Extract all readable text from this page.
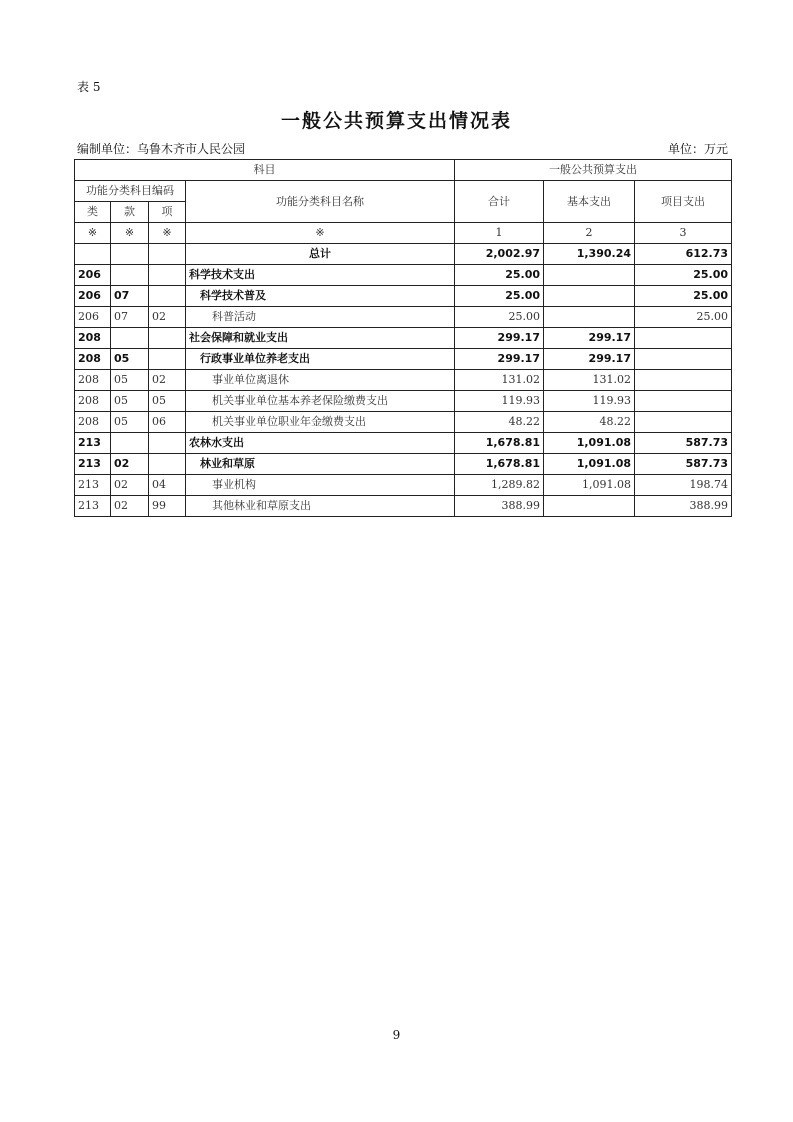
表 5
一般公共预算支出情况表
编制单位：乌鲁木齐市人民公园	单位：万元
科目				一般公共预算支出		
功能分类科目编码			功能分类科目名称	合计	基本支出	项目支出
类	款	项				
※	※	※	※	1	2	3
			总计	2,002.97	1,390.24	612.73
206			科学技术支出	25.00		25.00
206	07		科学技术普及	25.00		25.00
206	07	02	科普活动	25.00		25.00
208			社会保障和就业支出	299.17	299.17	
208	05		行政事业单位养老支出	299.17	299.17	
208	05	02	事业单位离退休	131.02	131.02	
208	05	05	机关事业单位基本养老保险缴费支出	119.93	119.93	
208	05	06	机关事业单位职业年金缴费支出	48.22	48.22	
213			农林水支出	1,678.81	1,091.08	587.73
213	02		林业和草原	1,678.81	1,091.08	587.73
213	02	04	事业机构	1,289.82	1,091.08	198.74
213	02	99	其他林业和草原支出	388.99		388.99
9
